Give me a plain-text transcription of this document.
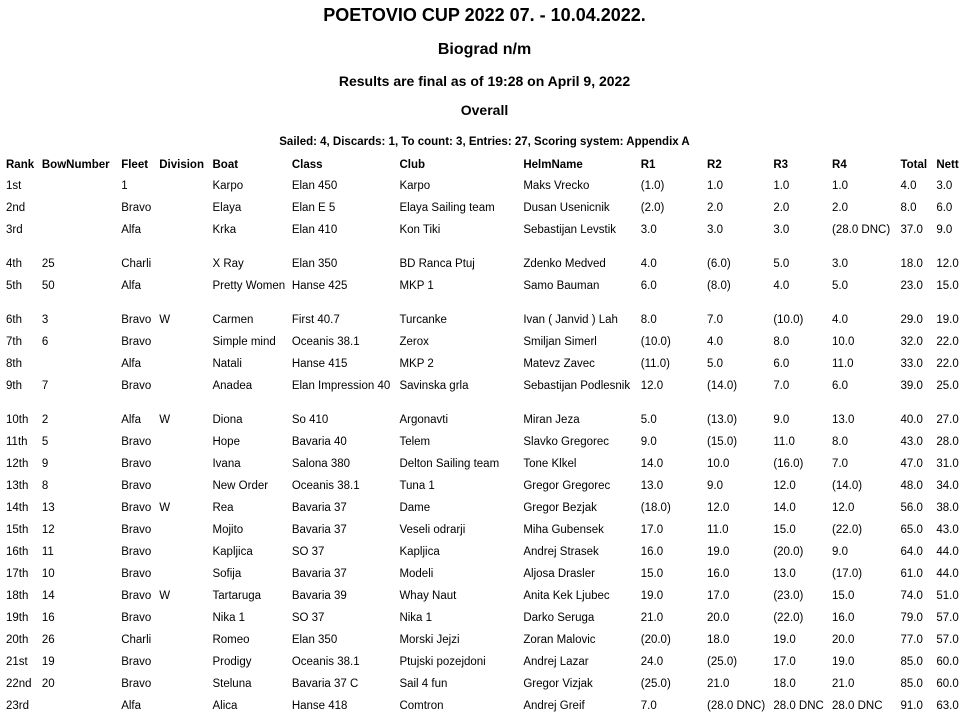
POETOVIO CUP 2022 07. - 10.04.2022.
Biograd n/m
Results are final as of 19:28 on April 9, 2022
Overall
Sailed: 4, Discards: 1, To count: 3, Entries: 27, Scoring system: Appendix A
Rank	BowNumber	Fleet	Division	Boat	Class	Club	HelmName	R1	R2	R3	R4	Total	Nett
1st		1		Karpo	Elan 450	Karpo	Maks Vrecko	(1.0)	1.0	1.0	1.0	4.0	3.0
2nd		Bravo		Elaya	Elan E 5	Elaya Sailing team	Dusan Usenicnik	(2.0)	2.0	2.0	2.0	8.0	6.0
3rd		Alfa		Krka	Elan 410	Kon Tiki	Sebastijan Levstik	3.0	3.0	3.0	(28.0 DNC)	37.0	9.0
4th	25	Charli		X Ray	Elan 350	BD Ranca Ptuj	Zdenko Medved	4.0	(6.0)	5.0	3.0	18.0	12.0
5th	50	Alfa		Pretty Women	Hanse 425	MKP 1	Samo Bauman	6.0	(8.0)	4.0	5.0	23.0	15.0
6th	3	Bravo	W	Carmen	First 40.7	Turcanke	Ivan ( Janvid ) Lah	8.0	7.0	(10.0)	4.0	29.0	19.0
7th	6	Bravo		Simple mind	Oceanis 38.1	Zerox	Smiljan Simerl	(10.0)	4.0	8.0	10.0	32.0	22.0
8th		Alfa		Natali	Hanse 415	MKP 2	Matevz Zavec	(11.0)	5.0	6.0	11.0	33.0	22.0
9th	7	Bravo		Anadea	Elan Impression 40	Savinska grla	Sebastijan Podlesnik	12.0	(14.0)	7.0	6.0	39.0	25.0
10th	2	Alfa	W	Diona	So 410	Argonavti	Miran Jeza	5.0	(13.0)	9.0	13.0	40.0	27.0
11th	5	Bravo		Hope	Bavaria 40	Telem	Slavko Gregorec	9.0	(15.0)	11.0	8.0	43.0	28.0
12th	9	Bravo		Ivana	Salona 380	Delton Sailing team	Tone Klkel	14.0	10.0	(16.0)	7.0	47.0	31.0
13th	8	Bravo		New Order	Oceanis 38.1	Tuna 1	Gregor Gregorec	13.0	9.0	12.0	(14.0)	48.0	34.0
14th	13	Bravo	W	Rea	Bavaria 37	Dame	Gregor Bezjak	(18.0)	12.0	14.0	12.0	56.0	38.0
15th	12	Bravo		Mojito	Bavaria 37	Veseli odrarji	Miha Gubensek	17.0	11.0	15.0	(22.0)	65.0	43.0
16th	11	Bravo		Kapljica	SO 37	Kapljica	Andrej Strasek	16.0	19.0	(20.0)	9.0	64.0	44.0
17th	10	Bravo		Sofija	Bavaria 37	Modeli	Aljosa Drasler	15.0	16.0	13.0	(17.0)	61.0	44.0
18th	14	Bravo	W	Tartaruga	Bavaria 39	Whay Naut	Anita Kek Ljubec	19.0	17.0	(23.0)	15.0	74.0	51.0
19th	16	Bravo		Nika 1	SO 37	Nika 1	Darko Seruga	21.0	20.0	(22.0)	16.0	79.0	57.0
20th	26	Charli		Romeo	Elan 350	Morski Jejzi	Zoran Malovic	(20.0)	18.0	19.0	20.0	77.0	57.0
21st	19	Bravo		Prodigy	Oceanis 38.1	Ptujski pozejdoni	Andrej Lazar	24.0	(25.0)	17.0	19.0	85.0	60.0
22nd	20	Bravo		Steluna	Bavaria 37 C	Sail 4 fun	Gregor Vizjak	(25.0)	21.0	18.0	21.0	85.0	60.0
23rd		Alfa		Alica	Hanse 418	Comtron	Andrej Greif	7.0	(28.0 DNC)	28.0 DNC	28.0 DNC	91.0	63.0
